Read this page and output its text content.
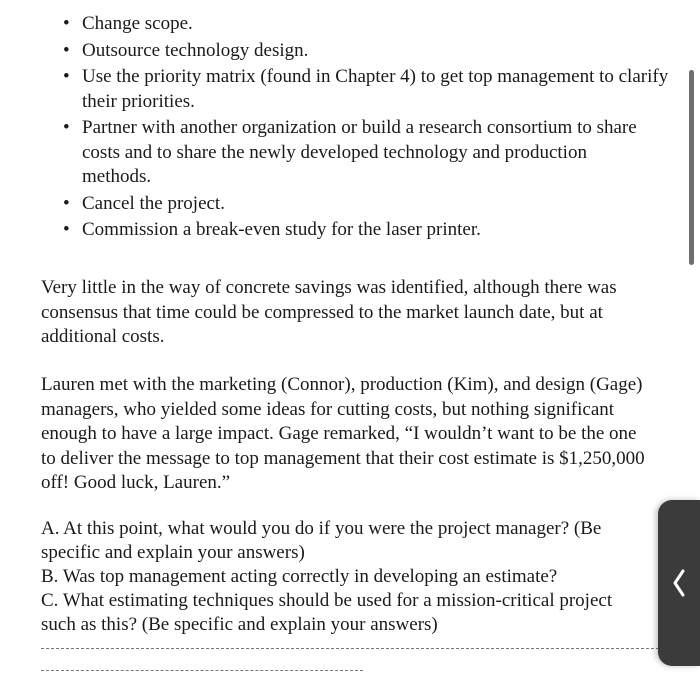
• Change scope.
• Outsource technology design.
• Use the priority matrix (found in Chapter 4) to get top management to clarify their priorities.
• Partner with another organization or build a research consortium to share costs and to share the newly developed technology and production methods.
• Cancel the project.
• Commission a break-even study for the laser printer.

Very little in the way of concrete savings was identified, although there was consensus that time could be compressed to the market launch date, but at additional costs.

Lauren met with the marketing (Connor), production (Kim), and design (Gage) managers, who yielded some ideas for cutting costs, but nothing significant enough to have a large impact. Gage remarked, “I wouldn’t want to be the one to deliver the message to top management that their cost estimate is $1,250,000 off! Good luck, Lauren.”

A. At this point, what would you do if you were the project manager? (Be specific and explain your answers)

B. Was top management acting correctly in developing an estimate?

C. What estimating techniques should be used for a mission-critical project such as this? (Be specific and explain your answers)
